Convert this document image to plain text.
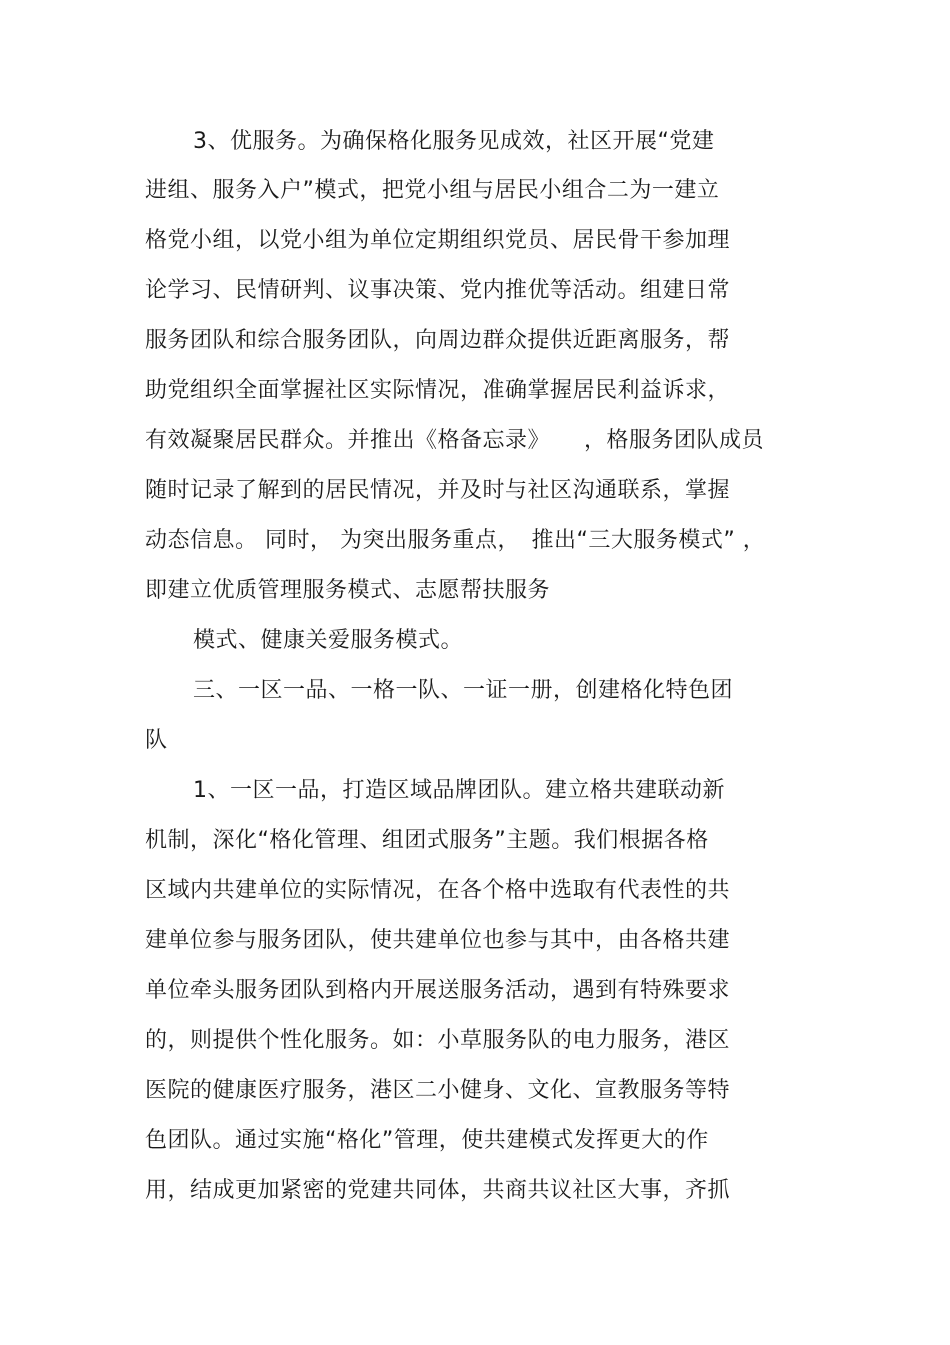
3、优服务。为确保格化服务见成效，社区开展“党建
进组、服务入户”模式，把党小组与居民小组合二为一建立
格党小组，以党小组为单位定期组织党员、居民骨干参加理
论学习、民情研判、议事决策、党内推优等活动。组建日常
服务团队和综合服务团队，向周边群众提供近距离服务，帮
助党组织全面掌握社区实际情况，准确掌握居民利益诉求，
有效凝聚居民群众。并推出《格备忘录》　　，格服务团队成员
随时记录了解到的居民情况，并及时与社区沟通联系，掌握
动态信息。 同时， 为突出服务重点，　推出“三大服务模式” ，
即建立优质管理服务模式、志愿帮扶服务
模式、健康关爱服务模式。
三、一区一品、一格一队、一证一册，创建格化特色团
队
1、一区一品，打造区域品牌团队。建立格共建联动新
机制，深化“格化管理、组团式服务”主题。我们根据各格
区域内共建单位的实际情况，在各个格中选取有代表性的共
建单位参与服务团队，使共建单位也参与其中，由各格共建
单位牵头服务团队到格内开展送服务活动，遇到有特殊要求
的，则提供个性化服务。如：小草服务队的电力服务，港区
医院的健康医疗服务，港区二小健身、文化、宣教服务等特
色团队。通过实施“格化”管理，使共建模式发挥更大的作
用，结成更加紧密的党建共同体，共商共议社区大事，齐抓
